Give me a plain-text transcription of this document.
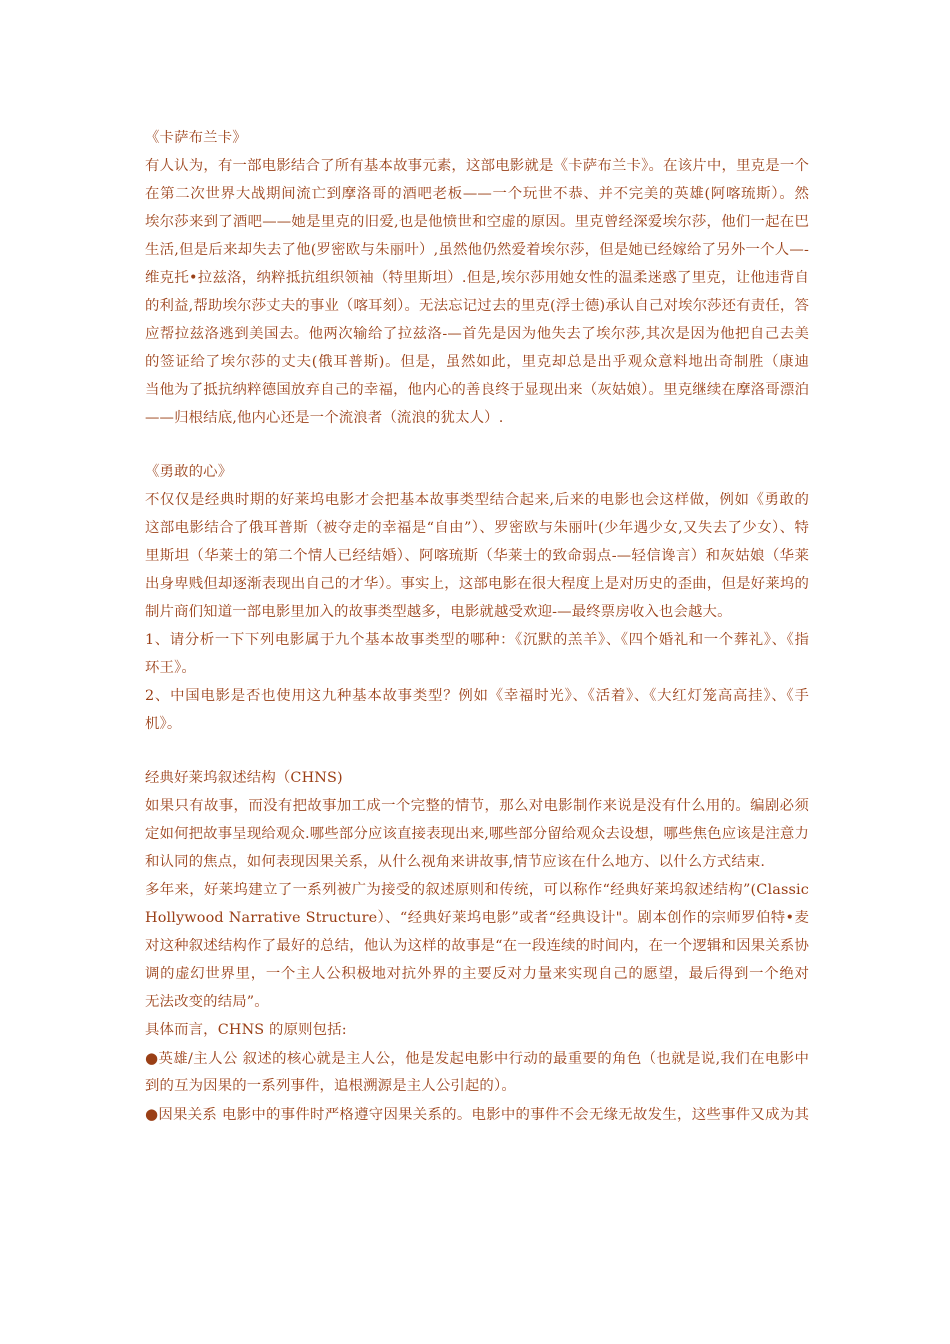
《卡萨布兰卡》
有人认为，有一部电影结合了所有基本故事元素，这部电影就是《卡萨布兰卡》。在该片中，里克是一个
在第二次世界大战期间流亡到摩洛哥的酒吧老板——一个玩世不恭、并不完美的英雄(阿喀琉斯）。然
埃尔莎来到了酒吧——她是里克的旧爱,也是他愤世和空虚的原因。里克曾经深爱埃尔莎，他们一起在巴
生活,但是后来却失去了他(罗密欧与朱丽叶）,虽然他仍然爱着埃尔莎，但是她已经嫁给了另外一个人—-
维克托•拉兹洛，纳粹抵抗组织领袖（特里斯坦）.但是,埃尔莎用她女性的温柔迷惑了里克，让他违背自
的利益,帮助埃尔莎丈夫的事业（喀耳刻）。无法忘记过去的里克(浮士德)承认自己对埃尔莎还有责任，答
应帮拉兹洛逃到美国去。他两次输给了拉兹洛-—首先是因为他失去了埃尔莎,其次是因为他把自己去美
的签证给了埃尔莎的丈夫(俄耳普斯)。但是，虽然如此，里克却总是出乎观众意料地出奇制胜（康迪
当他为了抵抗纳粹德国放弃自己的幸福，他内心的善良终于显现出来（灰姑娘）。里克继续在摩洛哥漂泊
——归根结底,他内心还是一个流浪者（流浪的犹太人）.
《勇敢的心》
不仅仅是经典时期的好莱坞电影才会把基本故事类型结合起来,后来的电影也会这样做，例如《勇敢的
这部电影结合了俄耳普斯（被夺走的幸福是“自由”）、罗密欧与朱丽叶(少年遇少女,又失去了少女）、特
里斯坦（华莱士的第二个情人已经结婚）、阿喀琉斯（华莱士的致命弱点-—轻信谗言）和灰姑娘（华莱
出身卑贱但却逐渐表现出自己的才华）。事实上，这部电影在很大程度上是对历史的歪曲，但是好莱坞的
制片商们知道一部电影里加入的故事类型越多，电影就越受欢迎-—最终票房收入也会越大。
1、请分析一下下列电影属于九个基本故事类型的哪种：《沉默的羔羊》、《四个婚礼和一个葬礼》、《指
环王》。
2、中国电影是否也使用这九种基本故事类型？例如《幸福时光》、《活着》、《大红灯笼高高挂》、《手
机》。
经典好莱坞叙述结构（CHNS)
如果只有故事，而没有把故事加工成一个完整的情节，那么对电影制作来说是没有什么用的。编剧必须
定如何把故事呈现给观众.哪些部分应该直接表现出来,哪些部分留给观众去设想，哪些焦色应该是注意力
和认同的焦点，如何表现因果关系，从什么视角来讲故事,情节应该在什么地方、以什么方式结束.
多年来，好莱坞建立了一系列被广为接受的叙述原则和传统，可以称作“经典好莱坞叙述结构”(Classic
Hollywood Narrative Structure）、“经典好莱坞电影”或者“经典设计"。剧本创作的宗师罗伯特•麦
对这种叙述结构作了最好的总结，他认为这样的故事是“在一段连续的时间内，在一个逻辑和因果关系协
调的虚幻世界里，一个主人公积极地对抗外界的主要反对力量来实现自己的愿望，最后得到一个绝对
无法改变的结局”。
具体而言，CHNS 的原则包括:
●英雄/主人公 叙述的核心就是主人公，他是发起电影中行动的最重要的角色（也就是说,我们在电影中
到的互为因果的一系列事件，追根溯源是主人公引起的）。
●因果关系 电影中的事件时严格遵守因果关系的。电影中的事件不会无缘无故发生，这些事件又成为其
